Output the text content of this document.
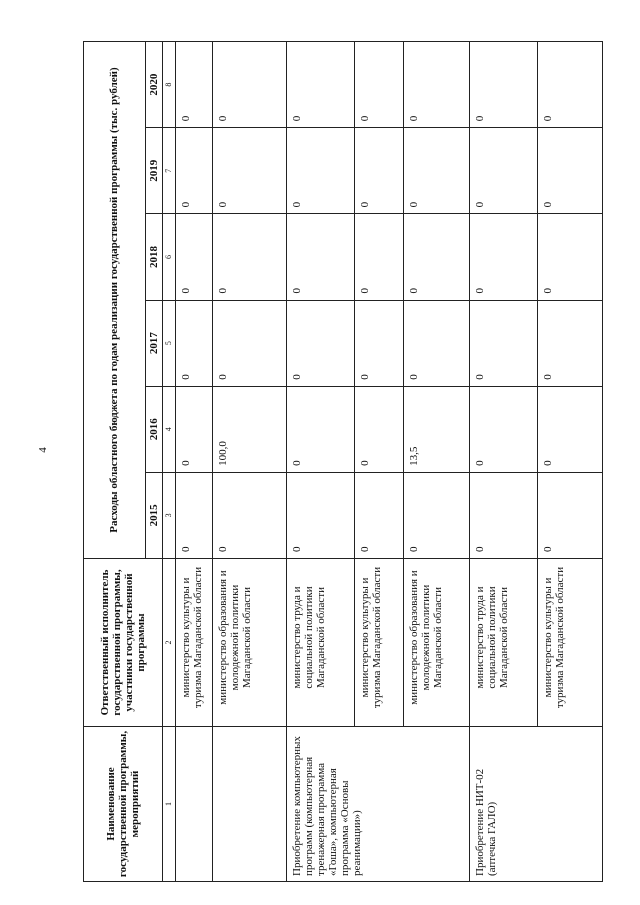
4
Наименование государственной программы, мероприятий	Ответственный исполнитель государственной программы, участники государственной программы	Расходы областного бюджета по годам реализации государственной программы (тыс. рублей)					
		2015	2016	2017	2018	2019	2020
1	2	3	4	5	6	7	8
	министерство культуры и туризма Магаданской области	0	0	0	0	0	0
	министерство образования и молодежной политики Магаданской области	0	100,0	0	0	0	0
Приобретение компьютерных программ (компьютерная тренажерная программа «Гоша», компьютерная программа «Основы реанимации»)	министерство труда и социальной политики Магаданской области	0	0	0	0	0	0
	министерство культуры и туризма Магаданской области	0	0	0	0	0	0
	министерство образования и молодежной политики Магаданской области	0	13,5	0	0	0	0
Приобретение НИТ-02 (аптечка ГАЛО)	министерство труда и социальной политики Магаданской области	0	0	0	0	0	0
	министерство культуры и туризма Магаданской области	0	0	0	0	0	0
